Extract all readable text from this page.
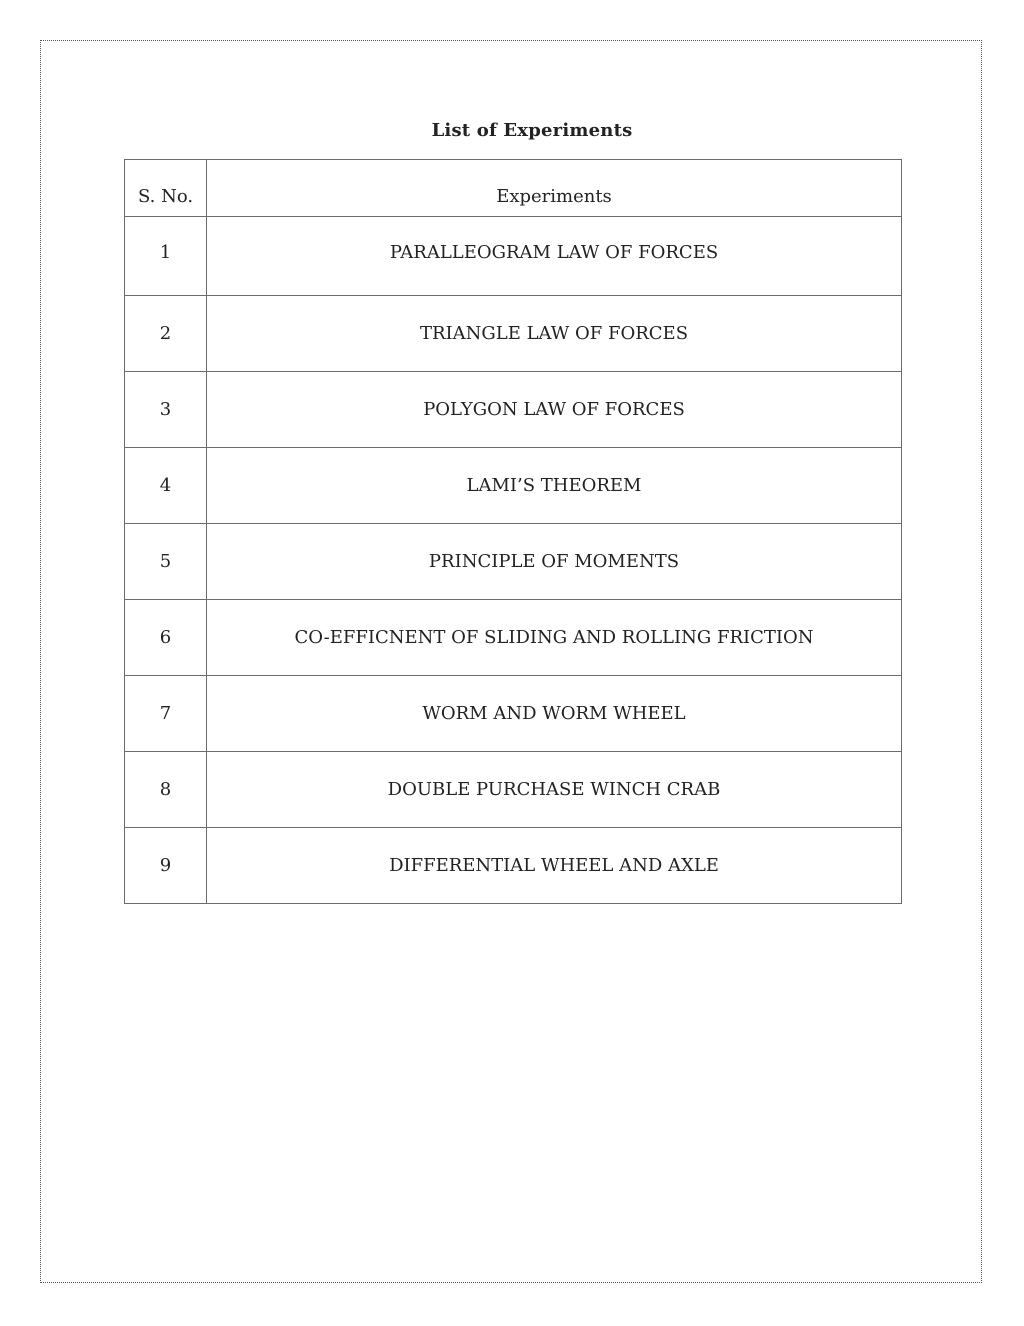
List of Experiments
S. No.	Experiments
1	PARALLEOGRAM LAW OF FORCES
2	TRIANGLE LAW OF FORCES
3	POLYGON LAW OF FORCES
4	LAMI’S THEOREM
5	PRINCIPLE OF MOMENTS
6	CO-EFFICNENT OF SLIDING AND ROLLING FRICTION
7	WORM AND WORM WHEEL
8	DOUBLE PURCHASE WINCH CRAB
9	DIFFERENTIAL WHEEL AND AXLE
